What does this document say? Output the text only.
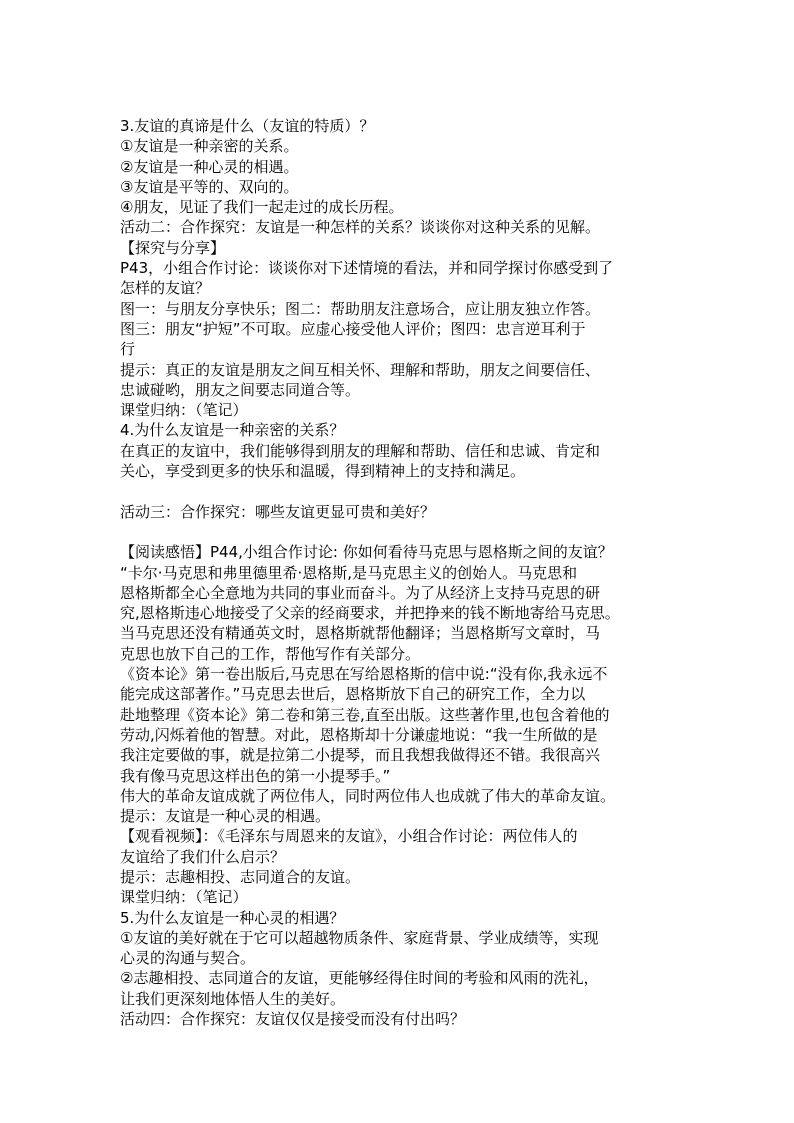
3.友谊的真谛是什么（友谊的特质）？
①友谊是一种亲密的关系。
②友谊是一种心灵的相遇。
③友谊是平等的、双向的。
④朋友，见证了我们一起走过的成长历程。
活动二：合作探究：友谊是一种怎样的关系？谈谈你对这种关系的见解。
【探究与分享】
P43，小组合作讨论：谈谈你对下述情境的看法，并和同学探讨你感受到了
怎样的友谊？
图一：与朋友分享快乐；图二：帮助朋友注意场合，应让朋友独立作答。
图三：朋友“护短”不可取。应虚心接受他人评价；图四：忠言逆耳利于
行
提示：真正的友谊是朋友之间互相关怀、理解和帮助，朋友之间要信任、
忠诚碰哟，朋友之间要志同道合等。
课堂归纳：（笔记）
4.为什么友谊是一种亲密的关系？
在真正的友谊中，我们能够得到朋友的理解和帮助、信任和忠诚、肯定和
关心，享受到更多的快乐和温暖，得到精神上的支持和满足。
活动三：合作探究：哪些友谊更显可贵和美好？
【阅读感悟】P44,小组合作讨论: 你如何看待马克思与恩格斯之间的友谊？
“卡尔·马克思和弗里德里希·恩格斯,是马克思主义的创始人。马克思和
恩格斯都全心全意地为共同的事业而奋斗。为了从经济上支持马克思的研
究,恩格斯违心地接受了父亲的经商要求，并把挣来的钱不断地寄给马克思。
当马克思还没有精通英文时，恩格斯就帮他翻译；当恩格斯写文章时，马
克思也放下自己的工作，帮他写作有关部分。
《资本论》第一卷出版后,马克思在写给恩格斯的信中说:“没有你,我永远不
能完成这部著作。”马克思去世后，恩格斯放下自己的研究工作，全力以
赴地整理《资本论》第二卷和第三卷,直至出版。这些著作里,也包含着他的
劳动,闪烁着他的智慧。对此，恩格斯却十分谦虚地说：“我一生所做的是
我注定要做的事，就是拉第二小提琴，而且我想我做得还不错。我很高兴
我有像马克思这样出色的第一小提琴手。”
伟大的革命友谊成就了两位伟人，同时两位伟人也成就了伟大的革命友谊。
提示：友谊是一种心灵的相遇。
【观看视频】：《毛泽东与周恩来的友谊》，小组合作讨论：两位伟人的
友谊给了我们什么启示？
提示：志趣相投、志同道合的友谊。
课堂归纳：（笔记）
5.为什么友谊是一种心灵的相遇？
①友谊的美好就在于它可以超越物质条件、家庭背景、学业成绩等，实现
心灵的沟通与契合。
②志趣相投、志同道合的友谊，更能够经得住时间的考验和风雨的洗礼，
让我们更深刻地体悟人生的美好。
活动四：合作探究：友谊仅仅是接受而没有付出吗？
